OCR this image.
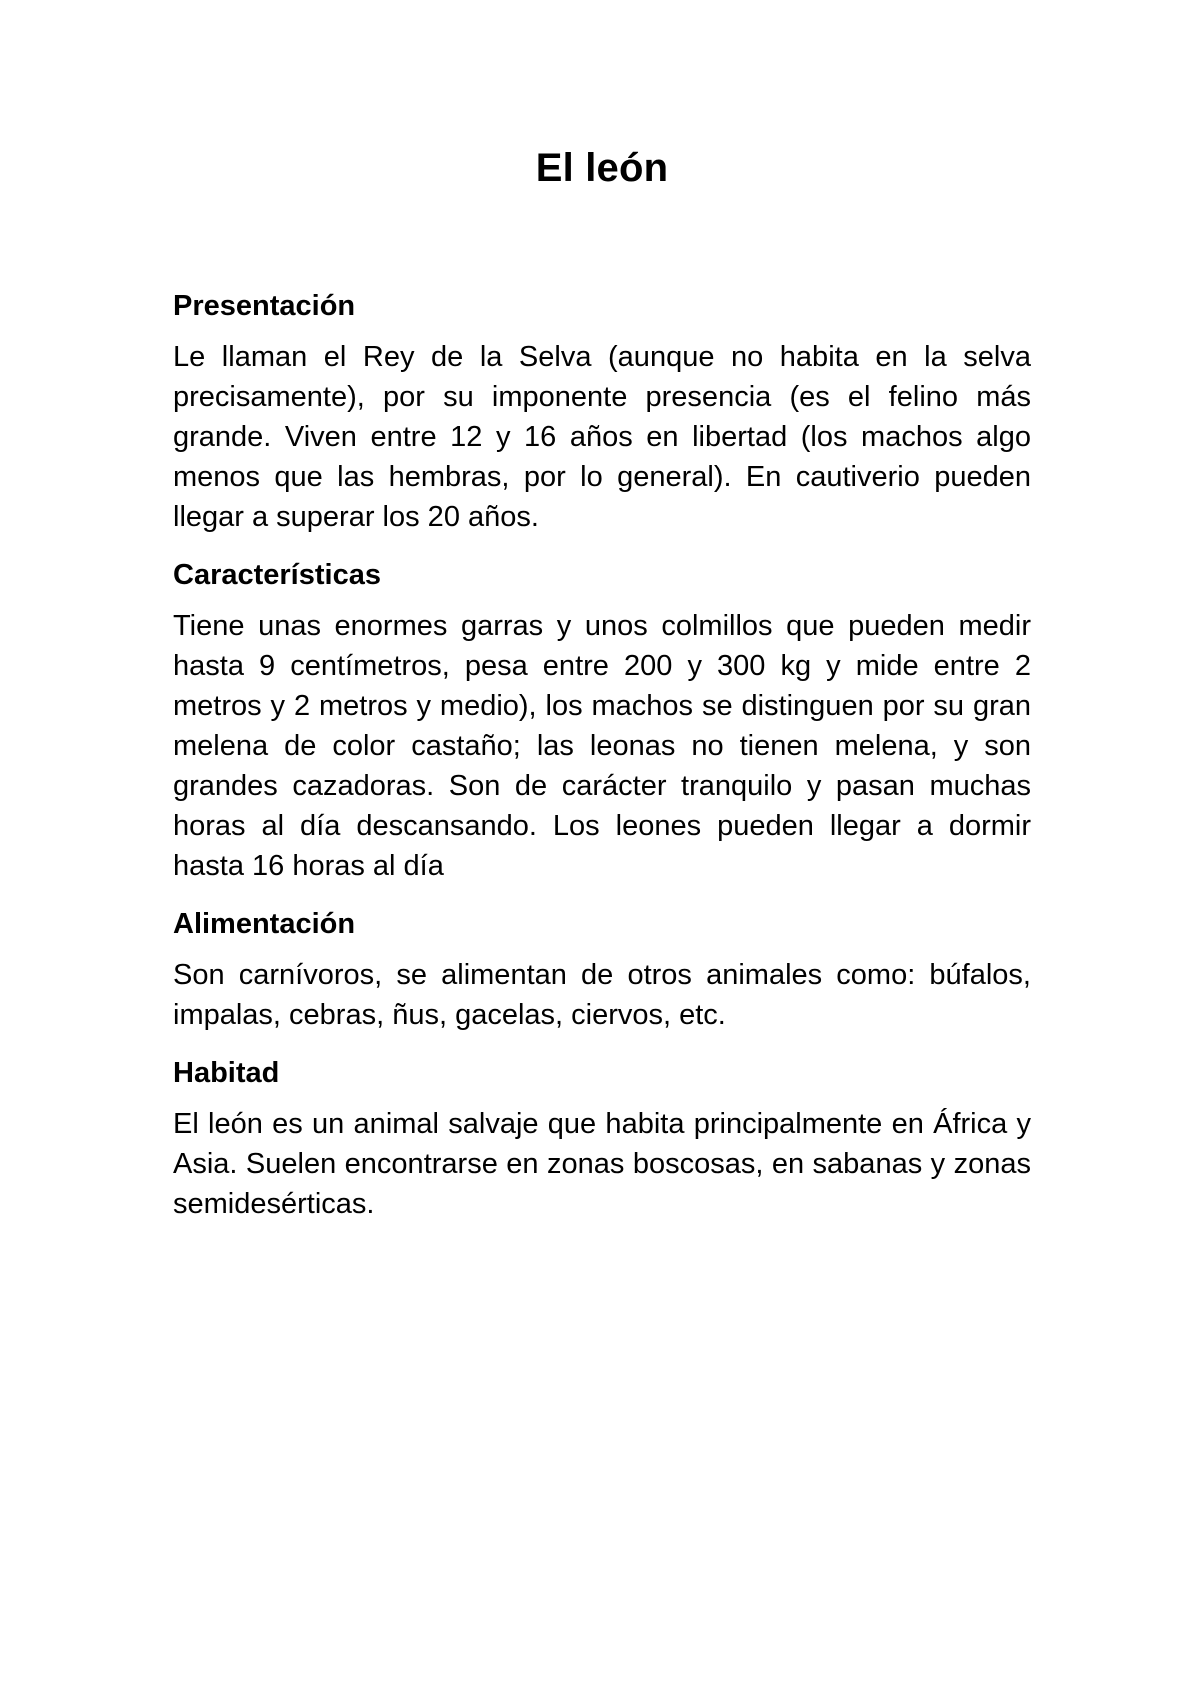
El león
Presentación

Le llaman el Rey de la Selva (aunque no habita en la selva precisamente), por su imponente presencia (es el felino más grande. Viven entre 12 y 16 años en libertad (los machos algo menos que las hembras, por lo general). En cautiverio pueden llegar a superar los 20 años.

Características

Tiene unas enormes garras y unos colmillos que pueden medir hasta 9 centímetros, pesa entre 200 y 300 kg y mide entre 2 metros y 2 metros y medio), los machos se distinguen por su gran melena de color castaño; las leonas no tienen melena, y son grandes cazadoras. Son de carácter tranquilo y pasan muchas horas al día descansando. Los leones pueden llegar a dormir hasta 16 horas al día

Alimentación

Son carnívoros, se alimentan de otros animales como: búfalos, impalas, cebras, ñus, gacelas, ciervos, etc.

Habitad

El león es un animal salvaje que habita principalmente en África y Asia. Suelen encontrarse en zonas boscosas, en sabanas y zonas semidesérticas.
